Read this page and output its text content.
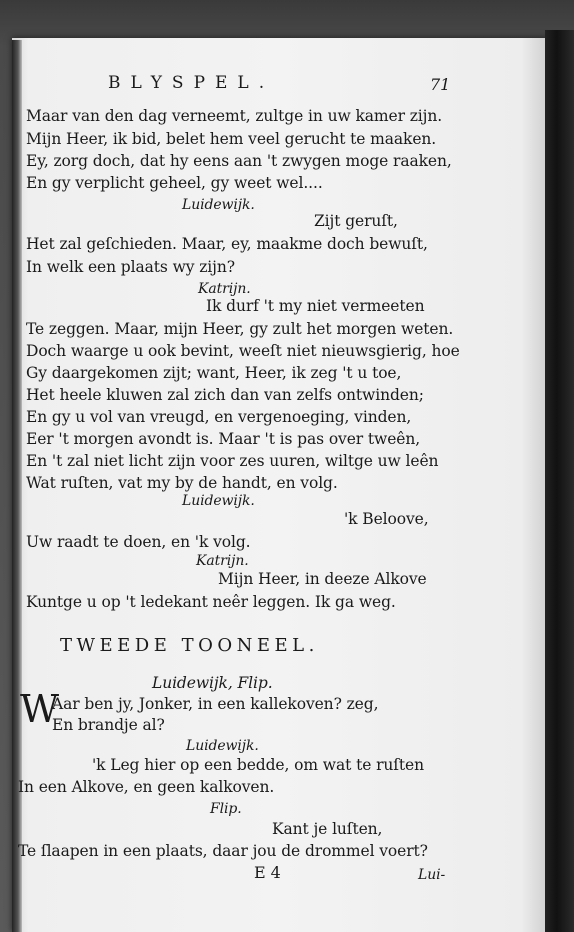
BLYSPEL.	71
Maar van den dag verneemt, zultge in uw kamer zijn.
Mijn Heer, ik bid, belet hem veel gerucht te maaken.
Ey, zorg doch, dat hy eens aan 't zwygen moge raaken,
En gy verplicht geheel, gy weet wel....
Luidewijk.
Zijt geruſt,
Het zal geſchieden. Maar, ey, maakme doch bewuſt,
In welk een plaats wy zijn?
Katrijn.
Ik durf 't my niet vermeeten
Te zeggen. Maar, mijn Heer, gy zult het morgen weten.
Doch waarge u ook bevint, weeſt niet nieuwsgierig, hoe
Gy daargekomen zijt; want, Heer, ik zeg 't u toe,
Het heele kluwen zal zich dan van zelfs ontwinden;
En gy u vol van vreugd, en vergenoeging, vinden,
Eer 't morgen avondt is. Maar 't is pas over tweên,
En 't zal niet licht zijn voor zes uuren, wiltge uw leên
Wat ruſten, vat my by de handt, en volg.
Luidewijk.
'k Beloove,
Uw raadt te doen, en 'k volg.
Katrijn.
Mijn Heer, in deeze Alkove
Kuntge u op 't ledekant neêr leggen. Ik ga weg.
TWEEDE TOONEEL.
Luidewijk, Flip.
W
Aar ben jy, Jonker, in een kallekoven? zeg,
En brandje al?
Luidewijk.
'k Leg hier op een bedde, om wat te ruſten
In een Alkove, en geen kalkoven.
Flip.
Kant je luſten,
Te ſlaapen in een plaats, daar jou de drommel voert?
E 4	Lui-
